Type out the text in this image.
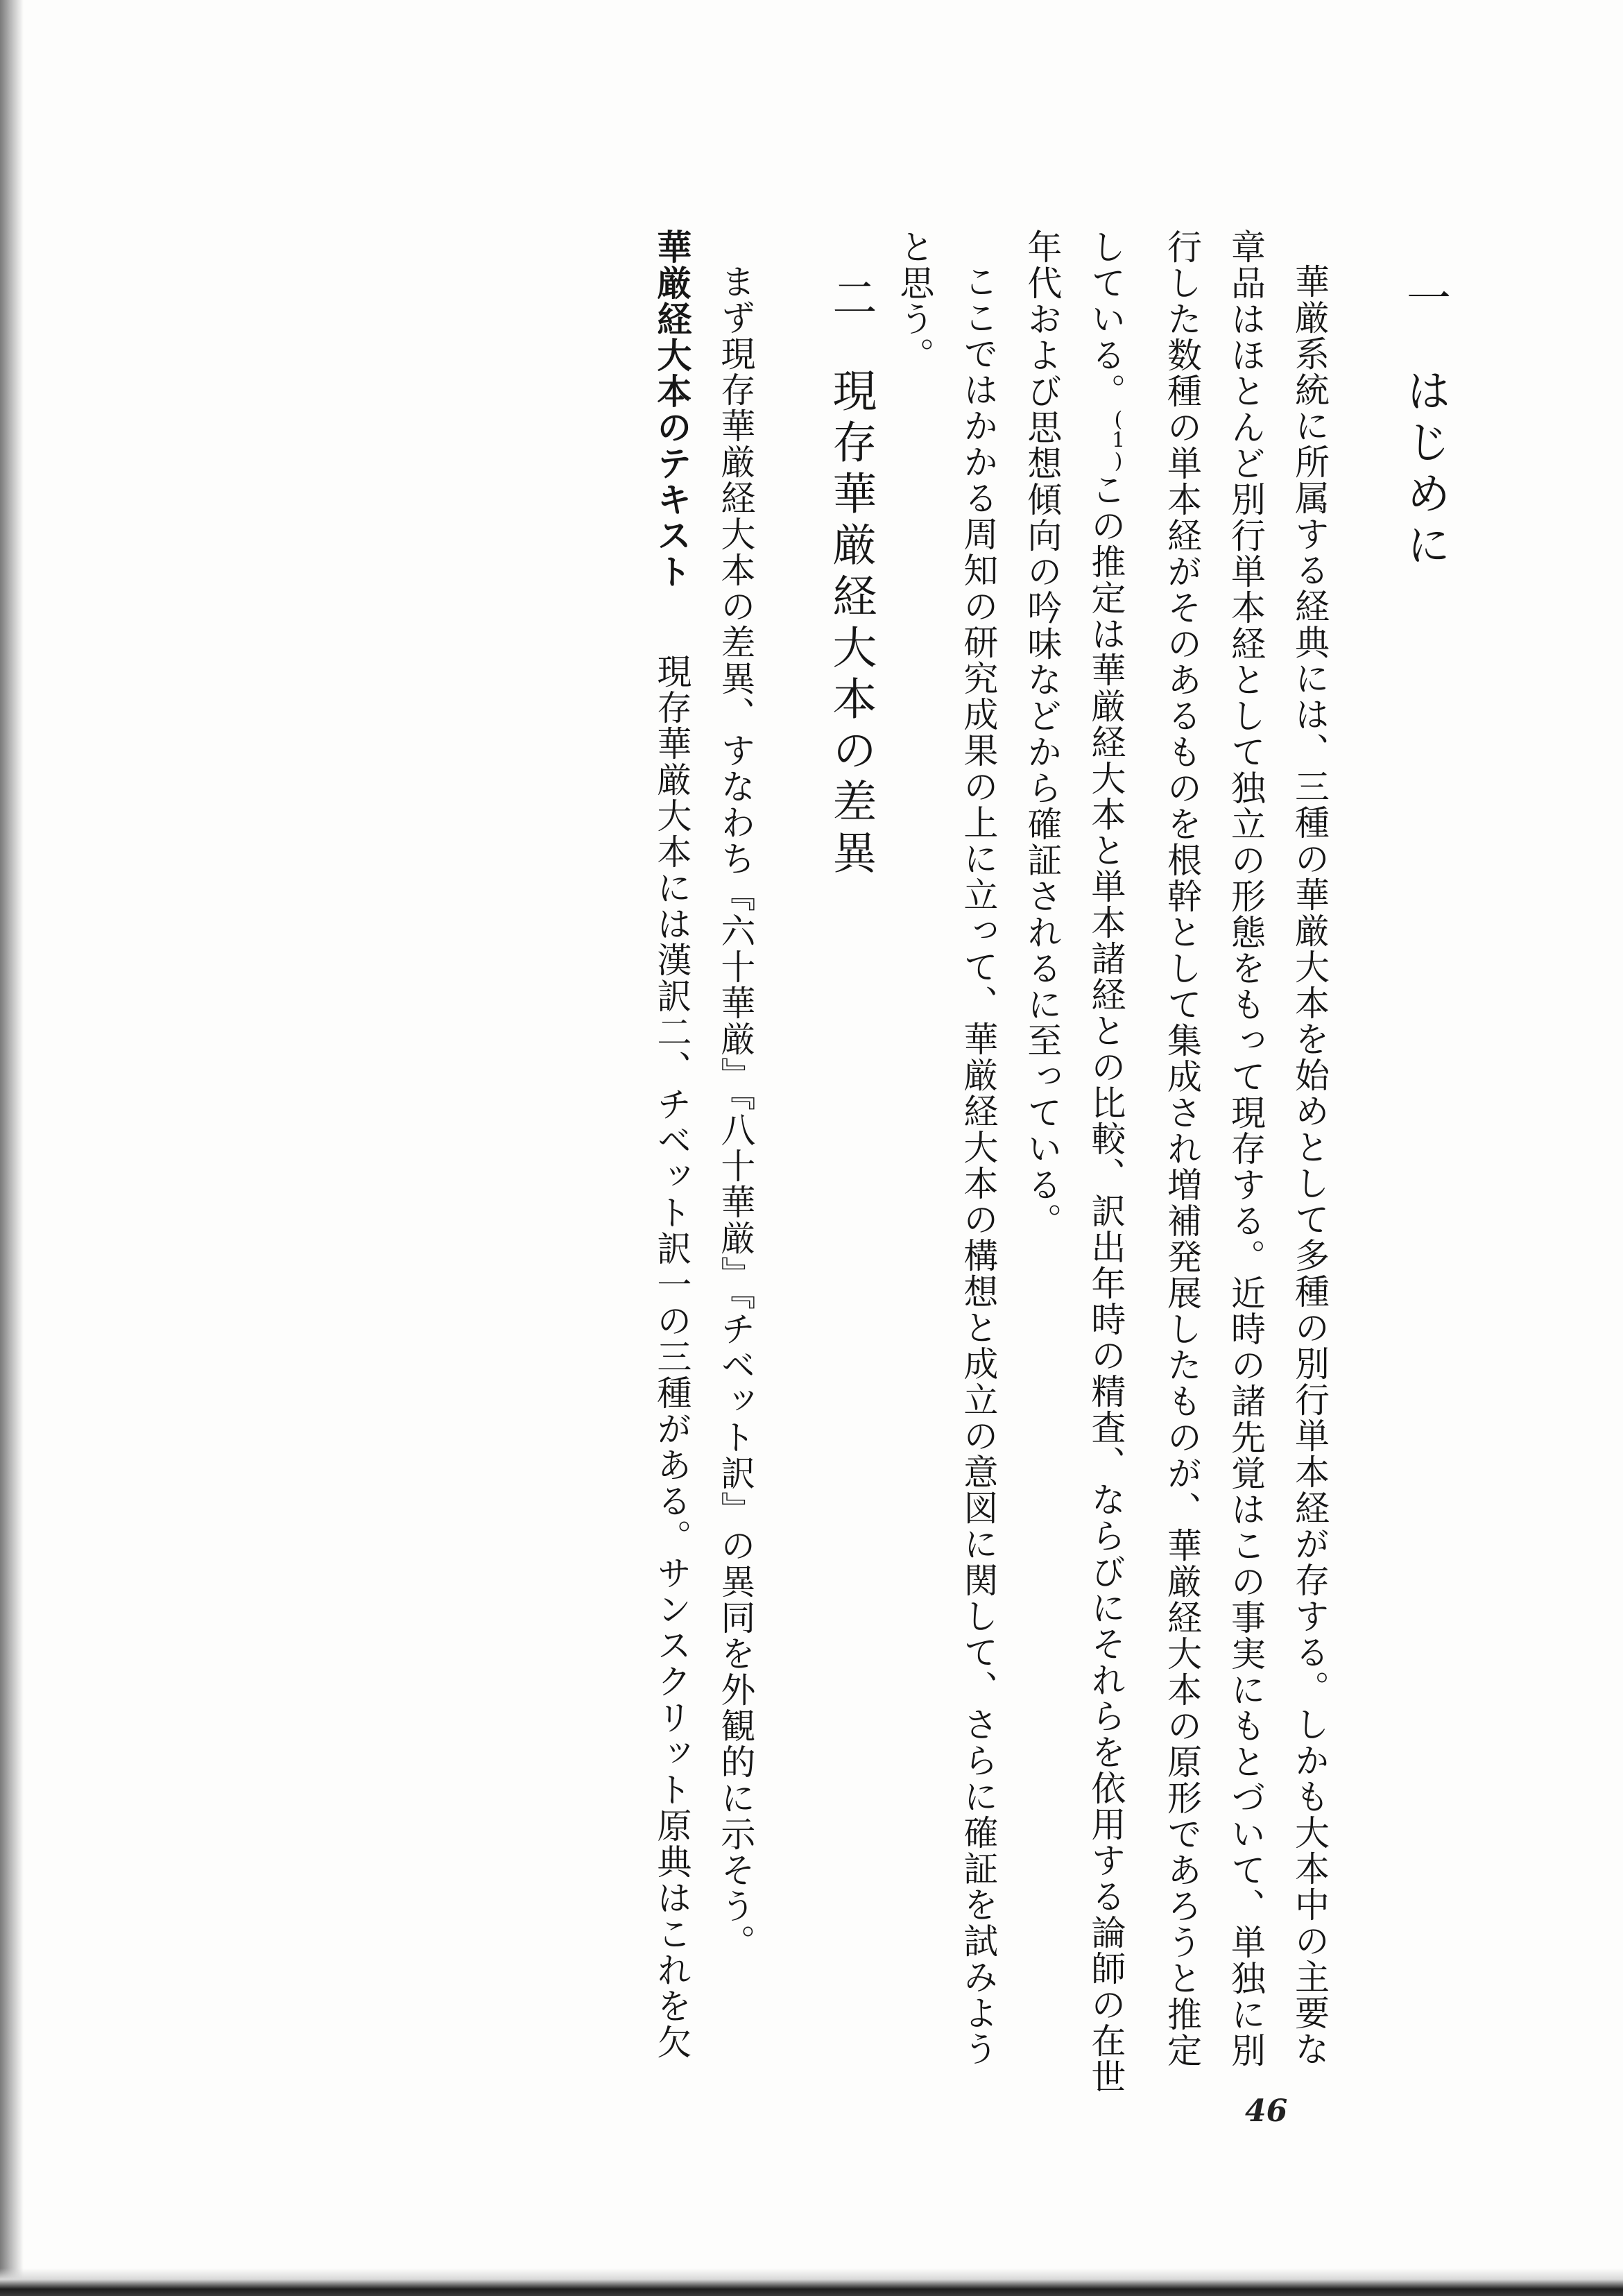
一はじめに
華厳系統に所属する経典には、三種の華厳大本を始めとして多種の別行単本経が存する。しかも大本中の主要な章品はほとんど別行単本経として独立の形態をもって現存する。近時の諸先覚はこの事実にもとづいて、単独に別行した数種の単本経がそのあるものを根幹として集成され増補発展したものが、華厳経大本の原形であろうと推定している。$^{(1)}$この推定は華厳経大本と単本諸経との比較、訳出年時の精査、ならびにそれらを依用する論師の在世年代および思想傾向の吟味などから確証されるに至っている。
ここではかかる周知の研究成果の上に立って、華厳経大本の構想と成立の意図に関して、さらに確証を試みようと思う。
二現存華厳経大本の差異
まず現存華厳経大本の差異、すなわち『六十華厳』『八十華厳』『チベット訳』の異同を外観的に示そう。
華厳経大本のテキスト　現存華厳大本には漢訳二、チベット訳一の三種がある。サンスクリット原典はこれを欠
46
